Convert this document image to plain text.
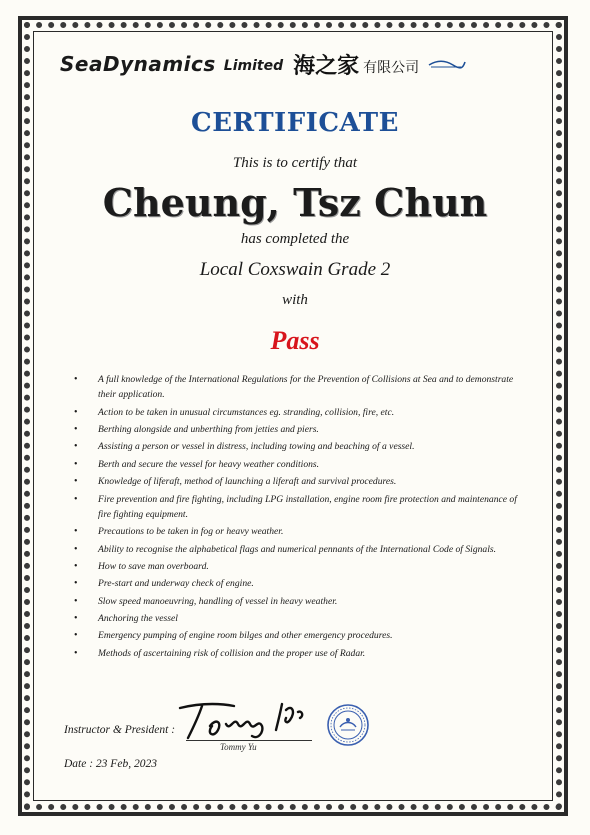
SeaDynamics Limited 海之家 有限公司
CERTIFICATE
This is to certify that
Cheung, Tsz Chun
has completed the
Local Coxswain Grade 2
with
Pass
• A full knowledge of the International Regulations for the Prevention of Collisions at Sea and to demonstrate their application.
• Action to be taken in unusual circumstances eg. stranding, collision, fire, etc.
• Berthing alongside and unberthing from jetties and piers.
• Assisting a person or vessel in distress, including towing and beaching of a vessel.
• Berth and secure the vessel for heavy weather conditions.
• Knowledge of liferaft, method of launching a liferaft and survival procedures.
• Fire prevention and fire fighting, including LPG installation, engine room fire protection and maintenance of fire fighting equipment.
• Precautions to be taken in fog or heavy weather.
• Ability to recognise the alphabetical flags and numerical pennants of the International Code of Signals.
• How to save man overboard.
• Pre-start and underway check of engine.
• Slow speed manoeuvring, handling of vessel in heavy weather.
• Anchoring the vessel
• Emergency pumping of engine room bilges and other emergency procedures.
• Methods of ascertaining risk of collision and the proper use of Radar.
Instructor & President :
Tommy Yu
Date : 23 Feb, 2023
